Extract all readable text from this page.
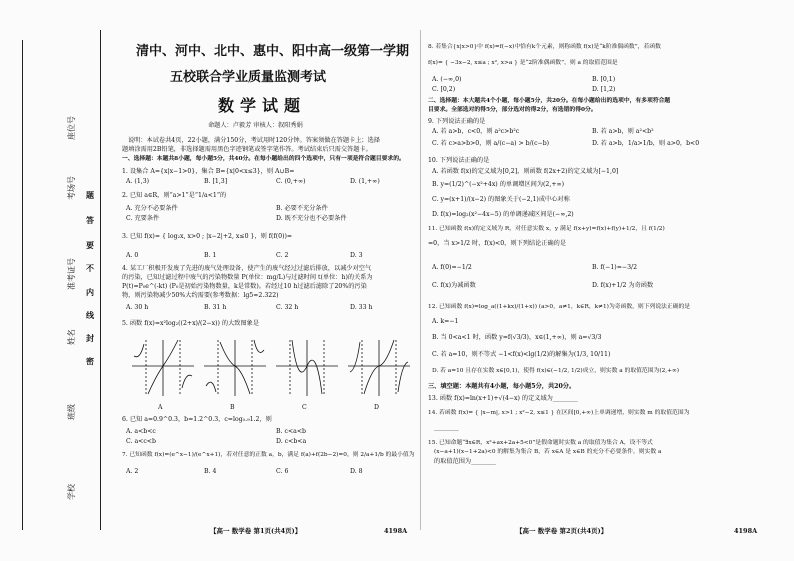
座位号
考场号
准考证号
姓名
班级
学校
题
答
要
不
内
线
封
密
清中、河中、北中、惠中、阳中高一级第一学期
五校联合学业质量监测考试
数学试题
命题人：卢毅芳 审核人：叙阳秀娟
说明：本试卷共4页，22小题，满分150分，考试用时120分钟。答案须做在答题卡上；选择
题填涂需用2B铅笔，非选择题需用黑色字迹钢笔或签字笔作答。考试结束后只需交答题卡。
一、选择题：本题共8小题，每小题5分，共40分。在每小题给出的四个选项中，只有一项是符合题目要求的。
1. 设集合 A={x|x−1>0}，集合 B={x|0<x≤3}，则 A∪B=
A. (1,3)	B. [1,3]	C. (0,+∞)	D. (1,+∞)
2. 已知 a∈R，则“a>1”是“1/a<1”的
A. 充分不必要条件	B. 必要不充分条件
C. 充要条件	D. 既不充分也不必要条件
3. 已知 f(x)= { log₂x, x>0 ; |x−2|+2, x≤0 }，则 f(f(0))=
A. 0	B. 1	C. 2	D. 3
4. 某工厂积极开发废了先进的废气处理设备，使产生的废气经过过滤后排放，以减少对空气
的污染，已知过滤过程中废气的污染物数量 P(单位：mg/L)与过滤时间 t(单位：h)的关系为
P(t)=P₀e^(-kt) (P₀是初始污染物数量，k是常数)。若经过10 h过滤后滤除了20%的污染
物，则污染物减少50%大约需要(参考数据：lg5≈2.322)
A. 30 h	B. 31 h	C. 32 h	D. 33 h
5. 函数 f(x)=x²log₂((2+x)/(2−x)) 的大致图象是
A	B	C	D
6. 已知 a=0.9^0.3，b=1.2^0.3，c=log₀.₉1.2，则
A. a<b<c	B. c<a<b
C. a<c<b	D. c<b<a
7. 已知函数 f(x)=(e^x−1)/(e^x+1)，若对任意的正数 a，b，满足 f(a)+f(2b−2)=0，则 2/a+1/b 的最小值为
A. 2	B. 4	C. 6	D. 8
【高一 数学卷 第1页(共4页)】	4198A
8. 若集合{x|x>0}中 f(x)=f(−x)中恰有k个元素，则称函数 f(x)是“k阶准偶函数”，若函数
f(x)= { −3x−2, x≤a ; x², x>a } 是“2阶准偶函数”，则 a 的取值范围是
A. (−∞,0)	B. [0,1)
C. [0,2)	D. [1,2)
二、选择题：本大题共4个小题，每小题5分，共20分。在每小题给出的选项中，有多项符合题
目要求。全部选对的得5分，部分选对的得2分，有选错的得0分。
9. 下列说法正确的是
A. 若 a>b，c<0，则 a²c>b²c	B. 若 a>b，则 a²<b²
C. 若 c>a>b>0，则 a/(c−a) > b/(c−b)	D. 若 a>b，1/a>1/b，则 a>0，b<0
10. 下列说法正确的是
A. 若函数 f(x)的定义域为[0,2]，则函数 f(2x+2)的定义域为[−1,0]
B. y=(1/2)^(−x²+4x) 的单调增区间为(2,+∞)
C. y=(x+1)/(x−2) 的图象关于(−2,1)成中心对称
D. f(x)=log₂(x²−4x−5) 的单调递减区间是(−∞,2)
11. 已知函数 f(x)的定义域为 R，对任意实数 x，y 满足 f(x+y)=f(x)+f(y)+1/2，且 f(1/2)
=0，当 x>1/2 时，f(x)<0，则下列结论正确的是
A. f(0)=−1/2	B. f(−1)=−3/2
C. f(x)为减函数	D. f(x)+1/2 为奇函数
12. 已知函数 f(x)=log_a((1+kx)/(1+x)) (a>0，a≠1，k∈R，k≠1)为奇函数，则下列说法正确的是
A. k=−1
B. 当 0<a<1 时，函数 y=f(√3/3)，x∈(1,+∞)，则 a=√3/3
C. 若 a=10，则不等式 −1<f(x)<lg(1/2)的解集为(1/3, 10/11)
D. 若 a=10 且存在实数 x∈[0,1)，使得 f(x)∈(−1/2, 1/2)成立，则实数 a 的取值范围为(2,+∞)
三、填空题：本题共有4小题，每小题5分，共20分。
13. 函数 f(x)=ln(x+1)+√(4−x) 的定义域为________
14. 若函数 f(x)= { |x−m|, x>1 ; x²−2, x≤1 } 在区间[0,+∞)上单调递增，则实数 m 的取值范围为
________
15. 已知命题“∃x∈R，x²+ax+2a+5<0”是假命题时实数 a 的取值为集合 A，设不等式
(x−a+1)(x−1+2a)<0 的解集为集合 B，若 x∈A 是 x∈B 的充分不必要条件，则实数 a
的取值范围为________
【高一 数学卷 第2页(共4页)】	4198A
